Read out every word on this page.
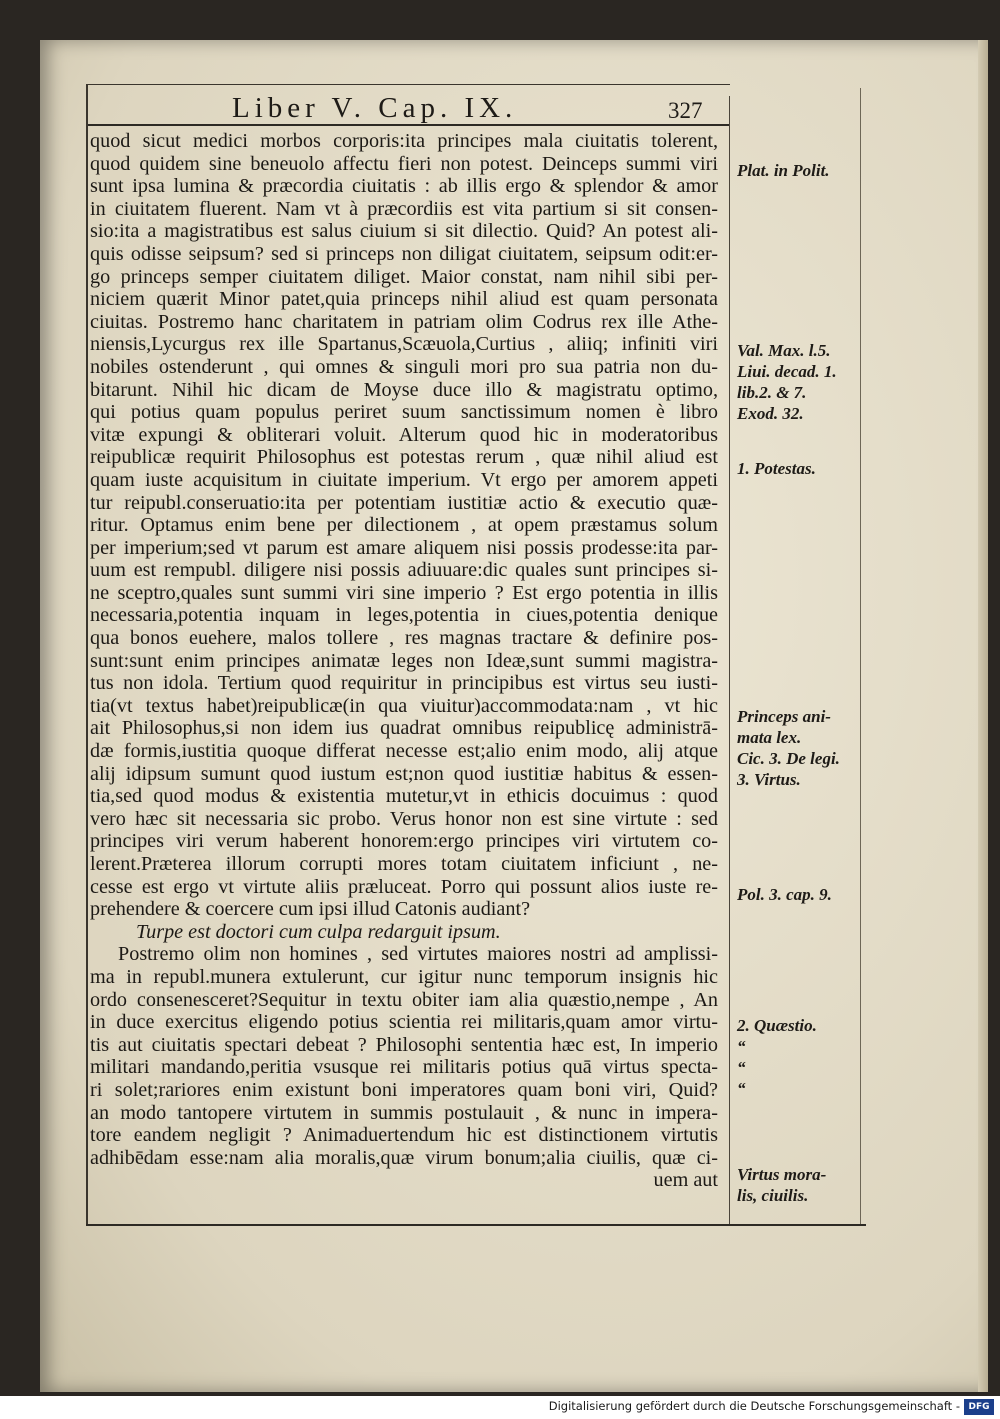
Liber V. Cap. IX.	327
quod sicut medici morbos corporis:ita principes mala ciuitatis tolerent,
quod quidem sine beneuolo affectu fieri non potest. Deinceps summi viri
sunt ipsa lumina & præcordia ciuitatis : ab illis ergo & splendor & amor
in ciuitatem fluerent. Nam vt à præcordiis est vita partium si sit consen-
sio:ita a magistratibus est salus ciuium si sit dilectio. Quid? An potest ali-
quis odisse seipsum? sed si princeps non diligat ciuitatem, seipsum odit:er-
go princeps semper ciuitatem diliget. Maior constat, nam nihil sibi per-
niciem quærit Minor patet,quia princeps nihil aliud est quam personata
ciuitas. Postremo hanc charitatem in patriam olim Codrus rex ille Athe-
niensis,Lycurgus rex ille Spartanus,Scæuola,Curtius , aliiq; infiniti viri
nobiles ostenderunt , qui omnes & singuli mori pro sua patria non du-
bitarunt. Nihil hic dicam de Moyse duce illo & magistratu optimo,
qui potius quam populus periret suum sanctissimum nomen è libro
vitæ expungi & obliterari voluit. Alterum quod hic in moderatoribus
reipublicæ requirit Philosophus est potestas rerum , quæ nihil aliud est
quam iuste acquisitum in ciuitate imperium. Vt ergo per amorem appeti
tur reipubl.conseruatio:ita per potentiam iustitiæ actio & executio quæ-
ritur. Optamus enim bene per dilectionem , at opem præstamus solum
per imperium;sed vt parum est amare aliquem nisi possis prodesse:ita par-
uum est rempubl. diligere nisi possis adiuuare:dic quales sunt principes si-
ne sceptro,quales sunt summi viri sine imperio ? Est ergo potentia in illis
necessaria,potentia inquam in leges,potentia in ciues,potentia denique
qua bonos euehere, malos tollere , res magnas tractare & definire pos-
sunt:sunt enim principes animatæ leges non Ideæ,sunt summi magistra-
tus non idola. Tertium quod requiritur in principibus est virtus seu iusti-
tia(vt textus habet)reipublicæ(in qua viuitur)accommodata:nam , vt hic
ait Philosophus,si non idem ius quadrat omnibus reipublicę administrā-
dæ formis,iustitia quoque differat necesse est;alio enim modo, alij atque
alij idipsum sumunt quod iustum est;non quod iustitiæ habitus & essen-
tia,sed quod modus & existentia mutetur,vt in ethicis docuimus : quod
vero hæc sit necessaria sic probo. Verus honor non est sine virtute : sed
principes viri verum haberent honorem:ergo principes viri virtutem co-
lerent.Præterea illorum corrupti mores totam ciuitatem inficiunt , ne-
cesse est ergo vt virtute aliis præluceat. Porro qui possunt alios iuste re-
prehendere & coercere cum ipsi illud Catonis audiant?
Turpe est doctori cum culpa redarguit ipsum.
Postremo olim non homines , sed virtutes maiores nostri ad amplissi-
ma in republ.munera extulerunt, cur igitur nunc temporum insignis hic
ordo consenesceret?Sequitur in textu obiter iam alia quæstio,nempe , An
in duce exercitus eligendo potius scientia rei militaris,quam amor virtu-
tis aut ciuitatis spectari debeat ? Philosophi sententia hæc est, In imperio
militari mandando,peritia vsusque rei militaris potius quā virtus specta-
ri solet;rariores enim existunt boni imperatores quam boni viri, Quid?
an modo tantopere virtutem in summis postulauit , & nunc in impera-
tore eandem negligit ? Animaduertendum hic est distinctionem virtutis
adhibēdam esse:nam alia moralis,quæ virum bonum;alia ciuilis, quæ ci-
uem aut
Plat. in Polit.
Val. Max. l.5.
Liui. decad. 1.
lib.2. & 7.
Exod. 32.
1. Potestas.
Princeps ani-
mata lex.
Cic. 3. De legi.
3. Virtus.
Pol. 3. cap. 9.
2. Quæstio.
“
“
“
Virtus mora-
lis, ciuilis.
Digitalisierung gefördert durch die Deutsche Forschungsgemeinschaft - DFG
